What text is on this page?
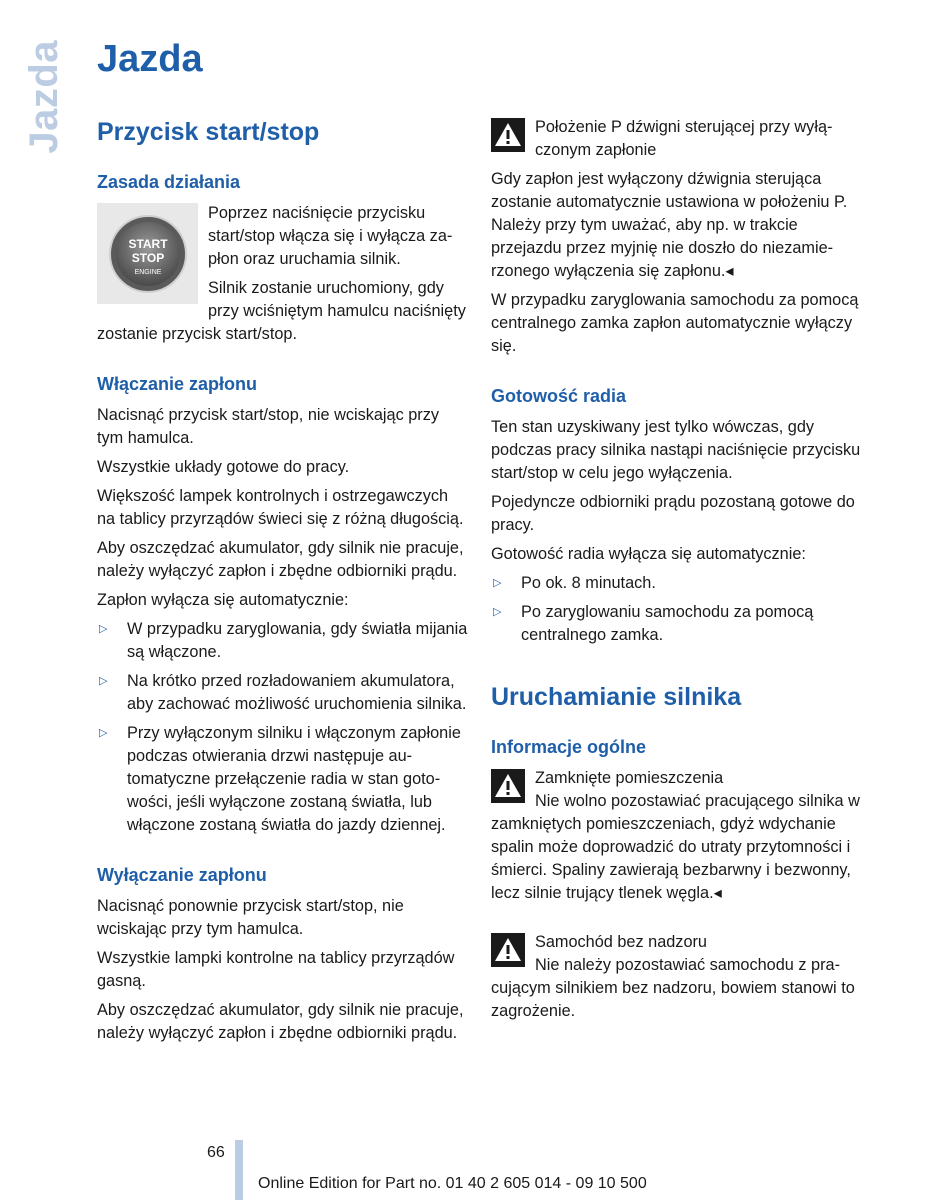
Jazda Jazda
Przycisk start/stop
Zasada działania
START
STOP
ENGINE

Poprzez naciśnięcie przycisku start/stop włącza się i wyłącza zapłon oraz uruchamia silnik.

Silnik zostanie uruchomiony, gdy przy wciśniętym hamulcu naciśnięty zostanie przycisk start/stop.

Włączanie zapłonu

Nacisnąć przycisk start/stop, nie wciskając przy tym hamulca.

Wszystkie układy gotowe do pracy.

Większość lampek kontrolnych i ostrzegawczych na tablicy przyrządów świeci się z różną długością.

Aby oszczędzać akumulator, gdy silnik nie pracuje, należy wyłączyć zapłon i zbędne odbiorniki prądu.

Zapłon wyłącza się automatycznie:

▷ W przypadku zaryglowania, gdy światła mijania są włączone.
▷ Na krótko przed rozładowaniem akumulatora, aby zachować możliwość uruchomienia silnika.
▷ Przy wyłączonym silniku i włączonym zapłonie podczas otwierania drzwi następuje automatyczne przełączenie radia w stan gotowości, jeśli wyłączone zostaną światła, lub włączone zostaną światła do jazdy dziennej.
Wyłączanie zapłonu

Nacisnąć ponownie przycisk start/stop, nie wciskając przy tym hamulca.

Wszystkie lampki kontrolne na tablicy przyrządów gasną.

Aby oszczędzać akumulator, gdy silnik nie pracuje, należy wyłączyć zapłon i zbędne odbiorniki prądu.

Położenie P dźwigni sterującej przy wyłączonym zapłonie

Gdy zapłon jest wyłączony dźwignia sterująca zostanie automatycznie ustawiona w położeniu P. Należy przy tym uważać, aby np. w trakcie przejazdu przez myjnię nie doszło do niezamierzonego wyłączenia się zapłonu.◂

W przypadku zaryglowania samochodu za pomocą centralnego zamka zapłon automatycznie wyłączy się.

Gotowość radia

Ten stan uzyskiwany jest tylko wówczas, gdy podczas pracy silnika nastąpi naciśnięcie przycisku start/stop w celu jego wyłączenia.

Pojedyncze odbiorniki prądu pozostaną gotowe do pracy.

Gotowość radia wyłącza się automatycznie:

▷ Po ok. 8 minutach.
▷ Po zaryglowaniu samochodu za pomocą centralnego zamka.
Uruchamianie silnika
Informacje ogólne

Zamknięte pomieszczenia

Nie wolno pozostawiać pracującego silnika w zamkniętych pomieszczeniach, gdyż wdychanie spalin może doprowadzić do utraty przytomności i śmierci. Spaliny zawierają bezbarwny i bezwonny, lecz silnie trujący tlenek węgla.◂

Samochód bez nadzoru

Nie należy pozostawiać samochodu z pracującym silnikiem bez nadzoru, bowiem stanowi to zagrożenie.

66
Online Edition for Part no. 01 40 2 605 014 - 09 10 500
